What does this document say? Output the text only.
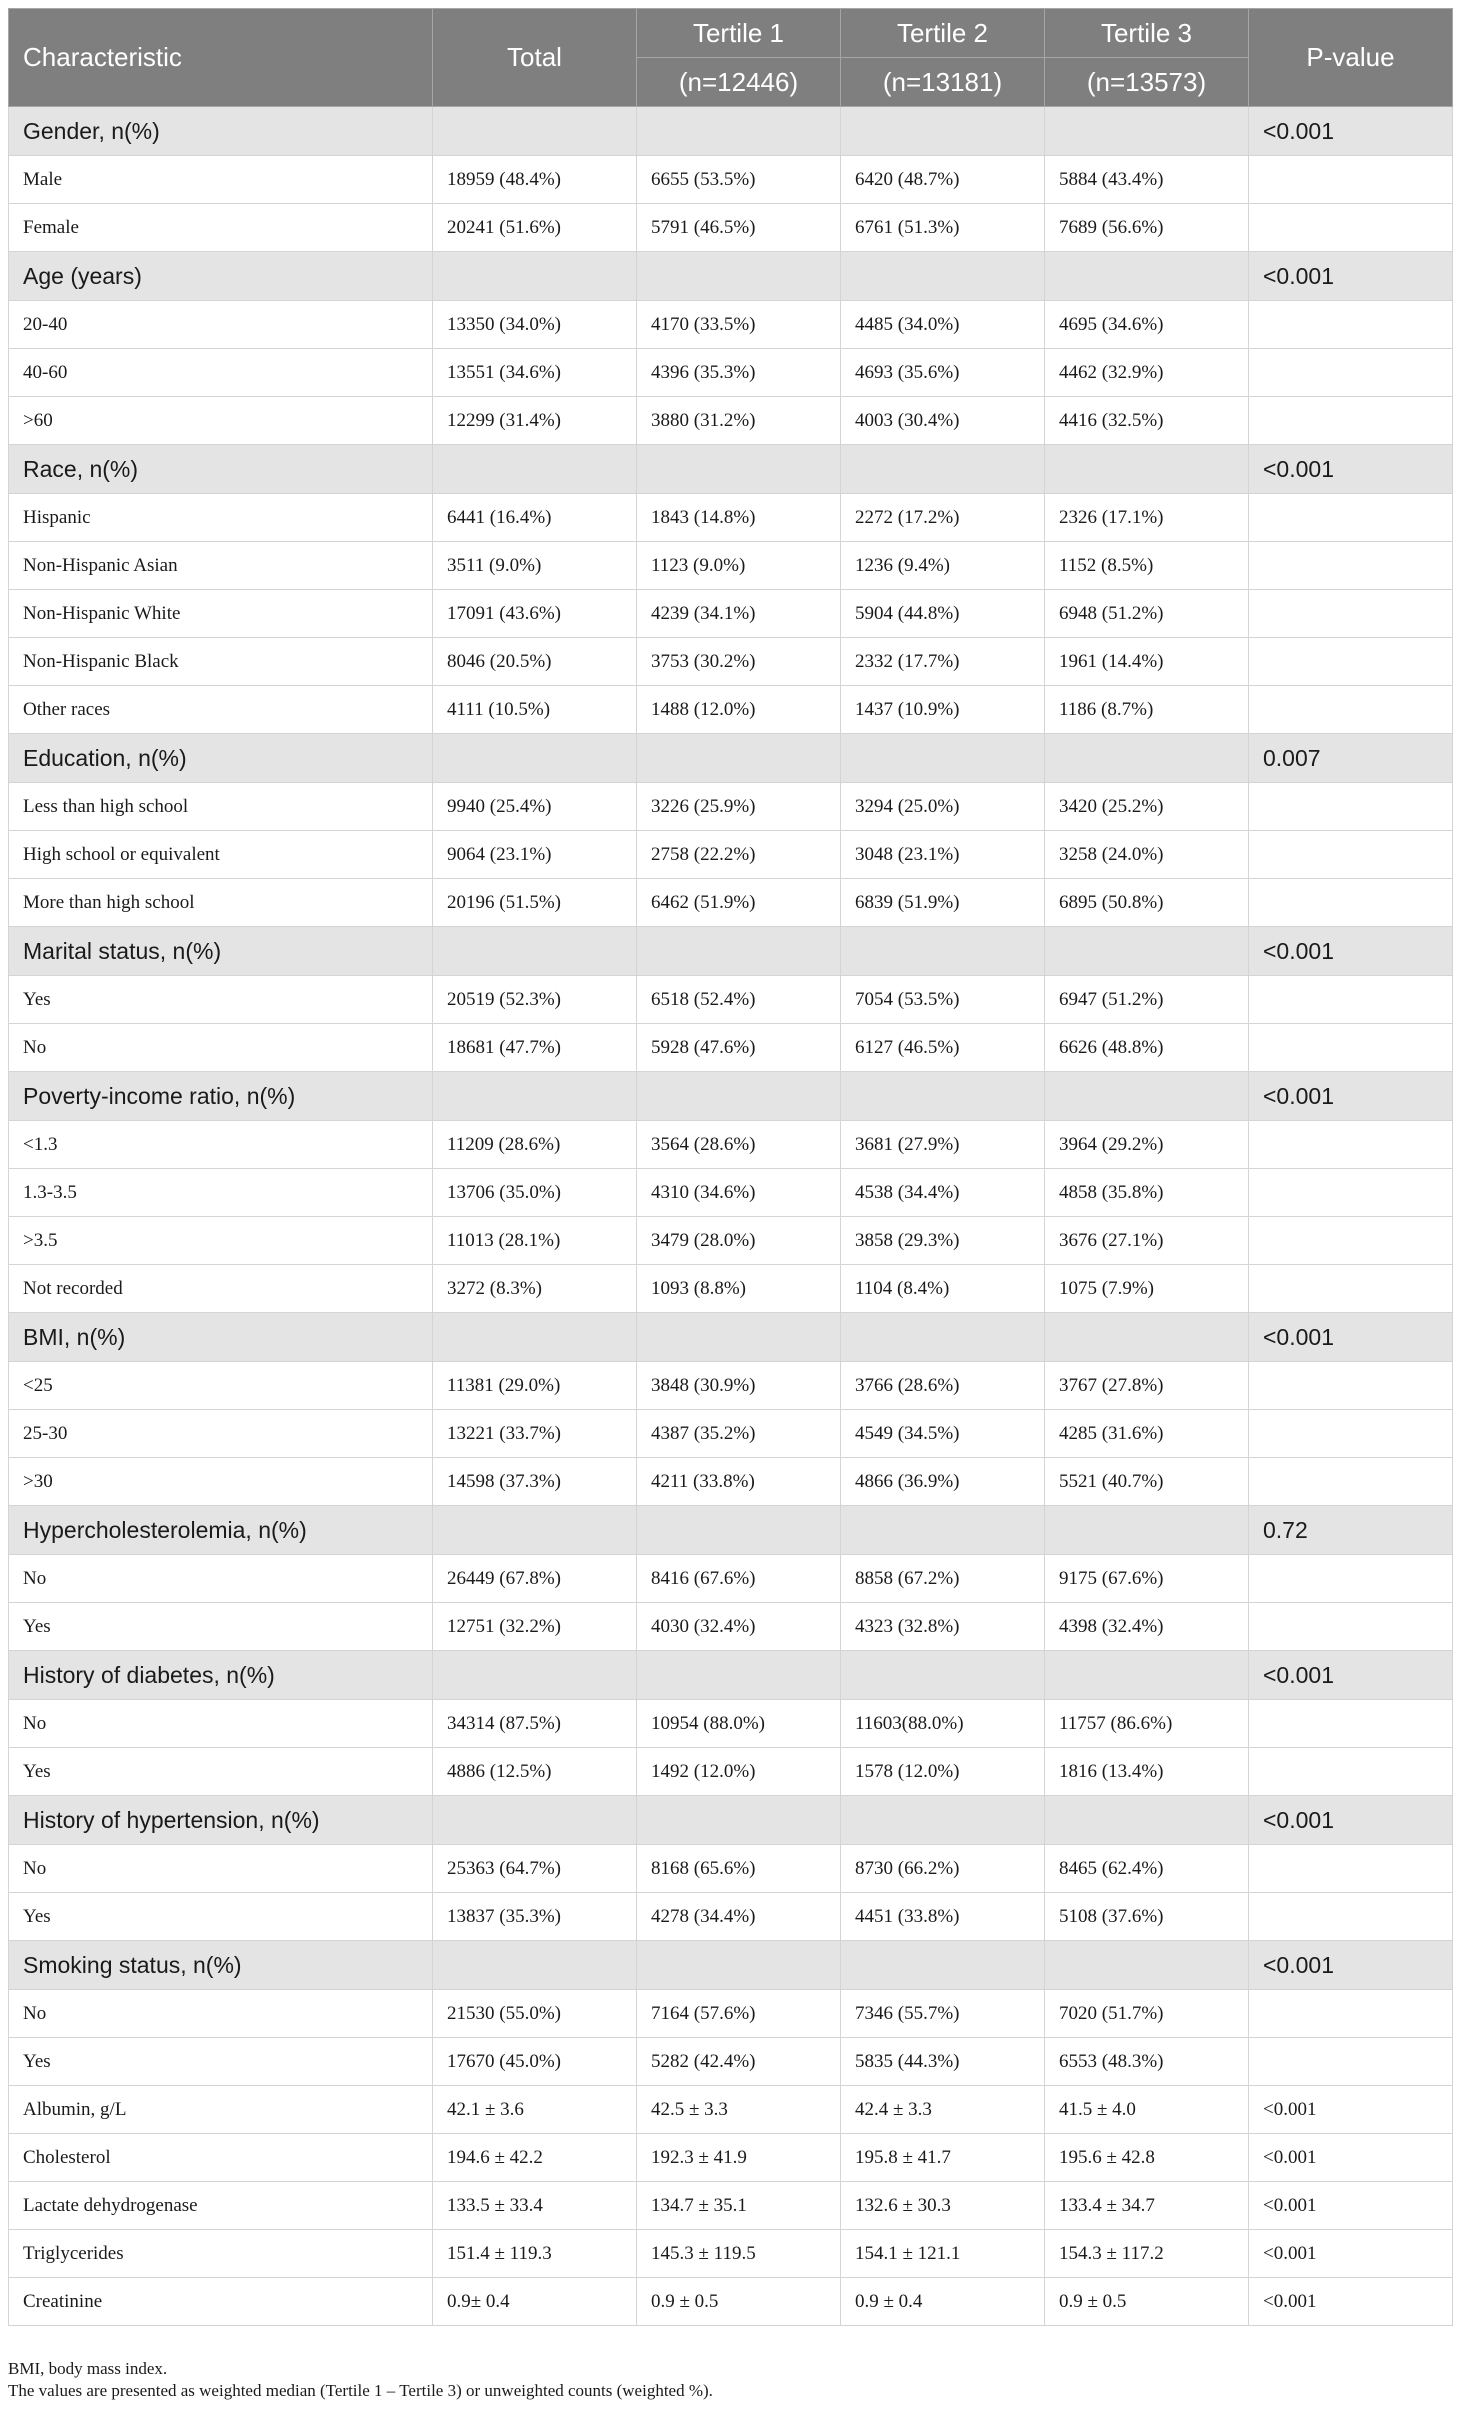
Characteristic	Total	Tertile 1	Tertile 2	Tertile 3	P-value
		(n=12446)	(n=13181)	(n=13573)	
Gender, n(%)					<0.001
Male	18959 (48.4%)	6655 (53.5%)	6420 (48.7%)	5884 (43.4%)	
Female	20241 (51.6%)	5791 (46.5%)	6761 (51.3%)	7689 (56.6%)	
Age (years)					<0.001
20-40	13350 (34.0%)	4170 (33.5%)	4485 (34.0%)	4695 (34.6%)	
40-60	13551 (34.6%)	4396 (35.3%)	4693 (35.6%)	4462 (32.9%)	
>60	12299 (31.4%)	3880 (31.2%)	4003 (30.4%)	4416 (32.5%)	
Race, n(%)					<0.001
Hispanic	6441 (16.4%)	1843 (14.8%)	2272 (17.2%)	2326 (17.1%)	
Non-Hispanic Asian	3511 (9.0%)	1123 (9.0%)	1236 (9.4%)	1152 (8.5%)	
Non-Hispanic White	17091 (43.6%)	4239 (34.1%)	5904 (44.8%)	6948 (51.2%)	
Non-Hispanic Black	8046 (20.5%)	3753 (30.2%)	2332 (17.7%)	1961 (14.4%)	
Other races	4111 (10.5%)	1488 (12.0%)	1437 (10.9%)	1186 (8.7%)	
Education, n(%)					0.007
Less than high school	9940 (25.4%)	3226 (25.9%)	3294 (25.0%)	3420 (25.2%)	
High school or equivalent	9064 (23.1%)	2758 (22.2%)	3048 (23.1%)	3258 (24.0%)	
More than high school	20196 (51.5%)	6462 (51.9%)	6839 (51.9%)	6895 (50.8%)	
Marital status, n(%)					<0.001
Yes	20519 (52.3%)	6518 (52.4%)	7054 (53.5%)	6947 (51.2%)	
No	18681 (47.7%)	5928 (47.6%)	6127 (46.5%)	6626 (48.8%)	
Poverty-income ratio, n(%)					<0.001
<1.3	11209 (28.6%)	3564 (28.6%)	3681 (27.9%)	3964 (29.2%)	
1.3-3.5	13706 (35.0%)	4310 (34.6%)	4538 (34.4%)	4858 (35.8%)	
>3.5	11013 (28.1%)	3479 (28.0%)	3858 (29.3%)	3676 (27.1%)	
Not recorded	3272 (8.3%)	1093 (8.8%)	1104 (8.4%)	1075 (7.9%)	
BMI, n(%)					<0.001
<25	11381 (29.0%)	3848 (30.9%)	3766 (28.6%)	3767 (27.8%)	
25-30	13221 (33.7%)	4387 (35.2%)	4549 (34.5%)	4285 (31.6%)	
>30	14598 (37.3%)	4211 (33.8%)	4866 (36.9%)	5521 (40.7%)	
Hypercholesterolemia, n(%)					0.72
No	26449 (67.8%)	8416 (67.6%)	8858 (67.2%)	9175 (67.6%)	
Yes	12751 (32.2%)	4030 (32.4%)	4323 (32.8%)	4398 (32.4%)	
History of diabetes, n(%)					<0.001
No	34314 (87.5%)	10954 (88.0%)	11603(88.0%)	11757 (86.6%)	
Yes	4886 (12.5%)	1492 (12.0%)	1578 (12.0%)	1816 (13.4%)	
History of hypertension, n(%)					<0.001
No	25363 (64.7%)	8168 (65.6%)	8730 (66.2%)	8465 (62.4%)	
Yes	13837 (35.3%)	4278 (34.4%)	4451 (33.8%)	5108 (37.6%)	
Smoking status, n(%)					<0.001
No	21530 (55.0%)	7164 (57.6%)	7346 (55.7%)	7020 (51.7%)	
Yes	17670 (45.0%)	5282 (42.4%)	5835 (44.3%)	6553 (48.3%)	
Albumin, g/L	42.1 ± 3.6	42.5 ± 3.3	42.4 ± 3.3	41.5 ± 4.0	<0.001
Cholesterol	194.6 ± 42.2	192.3 ± 41.9	195.8 ± 41.7	195.6 ± 42.8	<0.001
Lactate dehydrogenase	133.5 ± 33.4	134.7 ± 35.1	132.6 ± 30.3	133.4 ± 34.7	<0.001
Triglycerides	151.4 ± 119.3	145.3 ± 119.5	154.1 ± 121.1	154.3 ± 117.2	<0.001
Creatinine	0.9± 0.4	0.9 ± 0.5	0.9 ± 0.4	0.9 ± 0.5	<0.001
BMI, body mass index.
The values are presented as weighted median (Tertile 1 – Tertile 3) or unweighted counts (weighted %).
